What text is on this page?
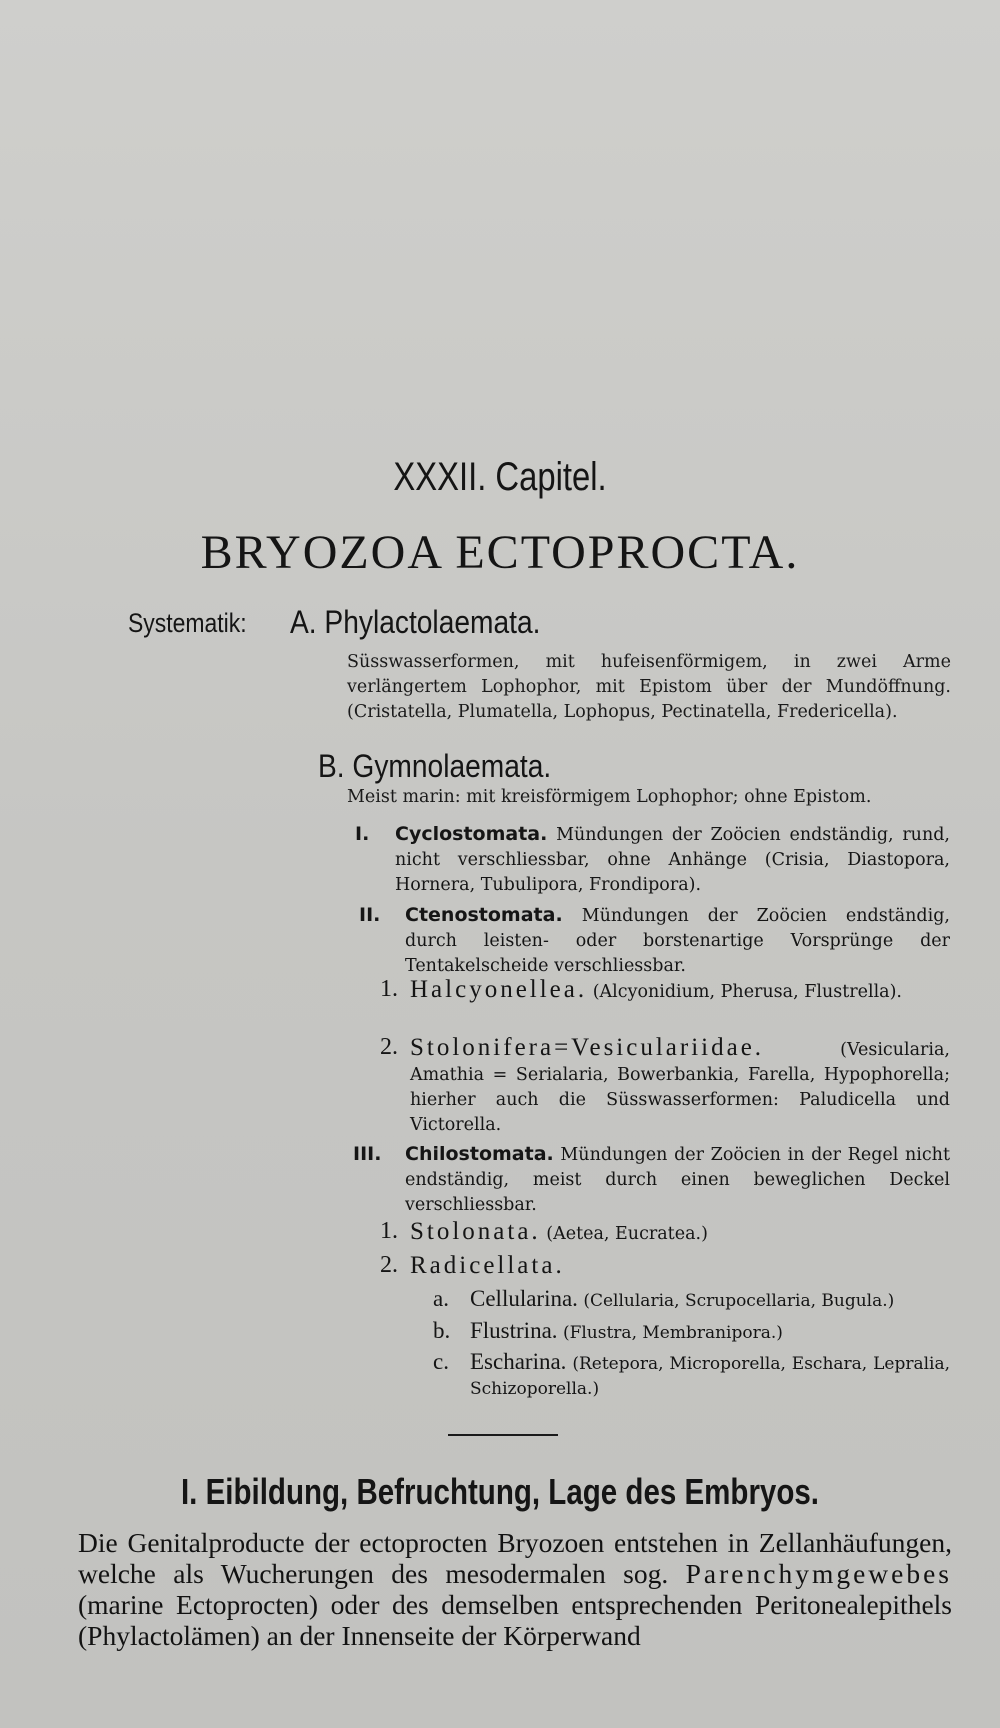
XXXII. Capitel.
BRYOZOA ECTOPROCTA.
Systematik: A. Phylactolaemata.
Süsswasserformen, mit hufeisenförmigem, in zwei Arme verlängertem Lophophor, mit Epistom über der Mundöffnung. (Cristatella, Plumatella, Lophopus, Pectinatella, Fredericella).
B. Gymnolaemata.
Meist marin: mit kreisförmigem Lophophor; ohne Epistom.
I. Cyclostomata. Mündungen der Zoöcien endständig, rund, nicht verschliessbar, ohne Anhänge (Crisia, Diastopora, Hornera, Tubulipora, Frondipora).
II. Ctenostomata. Mündungen der Zoöcien endständig, durch leisten- oder borstenartige Vorsprünge der Tentakelscheide verschliessbar.
1. Halcyonellea. (Alcyonidium, Pherusa, Flustrella).
2. Stolonifera=Vesiculariidae.	(Vesicularia, Amathia = Serialaria, Bowerbankia, Farella, Hypophorella; hierher auch die Süsswasserformen: Paludicella und Victorella.
III. Chilostomata. Mündungen der Zoöcien in der Regel nicht endständig, meist durch einen beweglichen Deckel verschliessbar.
1. Stolonata. (Aetea, Eucratea.)
2. Radicellata.
a. Cellularina. (Cellularia, Scrupocellaria, Bugula.)
b. Flustrina. (Flustra, Membranipora.)
c. Escharina. (Retepora, Microporella, Eschara, Lepralia, Schizoporella.)
I. Eibildung, Befruchtung, Lage des Embryos.
Die Genitalproducte der ectoprocten Bryozoen entstehen in Zellanhäufungen, welche als Wucherungen des mesodermalen sog. Parenchymgewebes (marine Ectoprocten) oder des demselben entsprechenden Peritonealepithels (Phylactolämen) an der Innenseite der Körperwand
